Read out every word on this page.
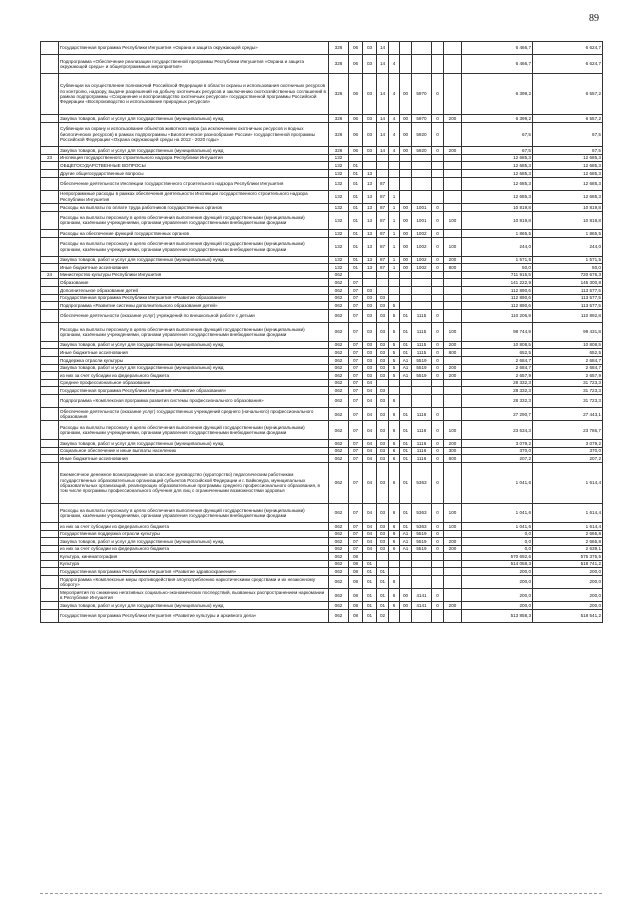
89
	Государственная программа Республики Ингушетия «Охрана и защита окружающей среды»	326	06	03	14						6 466,7	6 624,7
	Подпрограмма «Обеспечение реализации государственной программы Республики Ингушетия «Охрана и защита окружающей среды» и общепрограммные мероприятия»	326	06	03	14	4					6 466,7	6 624,7
	Субвенции на осуществление полномочий Российской Федерации в области охраны и использования охотничьих ресурсов по контролю, надзору, выдаче разрешений на добычу охотничьих ресурсов и заключению охотхозяйственных соглашений в рамках подпрограммы «Сохранение и воспроизводство охотничьих ресурсов» государственной программы Российской Федерации «Воспроизводство и использование природных ресурсов»	326	06	03	14	4	00	5970	0		6 399,2	6 557,2
	Закупка товаров, работ и услуг для государственных (муниципальных) нужд	326	06	03	14	4	00	5970	0	200	6 399,2	6 557,2
	Субвенции на охрану и использование объектов животного мира (за исключением охотничьих ресурсов и водных биологических ресурсов) в рамках подпрограммы «Биологическое разнообразие России» государственной программы Российской Федерации «Охрана окружающей среды на 2012 - 2020 годы»	326	06	03	14	4	00	5920	0		67,5	67,5
	Закупка товаров, работ и услуг для государственных (муниципальных) нужд	326	06	03	14	4	00	5920	0	200	67,5	67,5
23	Инспекция государственного строительного надзора Республики Ингушетия	132									12 685,3	12 685,3
	ОБЩЕГОСУДАРСТВЕННЫЕ ВОПРОСЫ	132	01								12 685,3	12 685,3
	Другие общегосударственные вопросы	132	01	13							12 685,3	12 685,3
	Обеспечение деятельности Инспекции государственного строительного надзора Республики Ингушетия	132	01	13	87						12 685,3	12 685,3
	Непрограммные расходы в рамках обеспечения деятельности Инспекции государственного строительного надзора Республики Ингушетия	132	01	13	87	1					12 685,3	12 685,3
	Расходы на выплаты по оплате труда работников государственных органов	132	01	13	87	1	00	1001	0		10 819,8	10 819,8
	Расходы на выплаты персоналу в целях обеспечения выполнения функций государственными (муниципальными) органами, казёнными учреждениями, органами управления государственными внебюджетными фондами	132	01	13	87	1	00	1001	0	100	10 819,8	10 819,8
	Расходы на обеспечение функций государственных органов	132	01	13	87	1	00	1002	0		1 865,5	1 865,5
	Расходы на выплаты персоналу в целях обеспечения выполнения функций государственными (муниципальными) органами, казёнными учреждениями, органами управления государственными внебюджетными фондами	132	01	13	87	1	00	1002	0	100	244,0	244,0
	Закупка товаров, работ и услуг для государственных (муниципальных) нужд	132	01	13	87	1	00	1002	0	200	1 571,5	1 571,5
	Иные бюджетные ассигнования	132	01	13	87	1	00	1002	0	800	50,0	50,0
24	Министерство культуры Республики Ингушетия	062									711 915,5	720 676,3
	Образование	062	07								141 222,9	145 300,8
	Дополнительное образование детей	062	07	03							112 890,6	113 577,5
	Государственная программа Республики Ингушетия «Развитие образования»	062	07	03	03						112 890,6	113 577,5
	Подпрограмма «Развитие системы дополнительного образования детей»	062	07	03	03	5					112 890,6	113 577,5
	Обеспечение деятельности (оказание услуг) учреждений по внешкольной работе с детьми	062	07	03	03	5	01	1115	0		110 206,9	110 892,8
	Расходы на выплаты персоналу в целях обеспечения выполнения функций государственными (муниципальными) органами, казёнными учреждениями, органами управления государственными внебюджетными фондами	062	07	03	03	5	01	1115	0	100	98 744,9	99 431,8
	Закупка товаров, работ и услуг для государственных (муниципальных) нужд	062	07	03	03	5	01	1115	0	200	10 808,5	10 808,5
	Иные бюджетные ассигнования	062	07	03	03	5	01	1115	0	800	652,5	652,5
	Поддержка отрасли культуры	062	07	03	03	5	A1	5519	0		2 684,7	2 684,7
	Закупка товаров, работ и услуг для государственных (муниципальных) нужд	062	07	03	03	5	A1	5519	0	200	2 684,7	2 684,7
	из них за счет субсидии из федерального бюджета	062	07	03	03	5	A1	5519	0	200	2 657,9	2 657,9
	Среднее профессиональное образование	062	07	04							28 332,3	31 723,3
	Государственная программа Республики Ингушетия «Развитие образования»	062	07	04	03						28 332,3	31 723,3
	Подпрограмма «Комплексная программа развития системы профессионального образования»	062	07	04	03	6					28 332,3	31 723,3
	Обеспечение деятельности (оказание услуг) государственных учреждений среднего (начального) профессионального образования	062	07	04	03	6	01	1116	0		27 290,7	27 443,1
	Расходы на выплаты персоналу в целях обеспечения выполнения функций государственными (муниципальными) органами, казёнными учреждениями, органами управления государственными внебюджетными фондами	062	07	04	03	6	01	1116	0	100	23 634,3	23 786,7
	Закупка товаров, работ и услуг для государственных (муниципальных) нужд	062	07	04	03	6	01	1116	0	200	3 079,2	3 079,2
	Социальное обеспечение и иные выплаты населению	062	07	04	03	6	01	1116	0	300	370,0	370,0
	Иные бюджетные ассигнования	062	07	04	03	6	01	1116	0	800	207,2	207,2
	Ежемесячное денежное вознаграждение за классное руководство (кураторство) педагогическим работникам государственных образовательных организаций субъектов Российской Федерации и г. Байконура, муниципальных образовательных организаций, реализующих образовательные программы среднего профессионального образования, в том числе программы профессионального обучения для лиц с ограниченными возможностями здоровья	062	07	04	03	6	01	5363	0		1 041,6	1 614,4
	Расходы на выплаты персоналу в целях обеспечения выполнения функций государственными (муниципальными) органами, казёнными учреждениями, органами управления государственными внебюджетными фондами	062	07	04	03	6	01	5363	0	100	1 041,6	1 614,4
	из них за счет субсидии из федерального бюджета	062	07	04	03	6	01	5363	0	100	1 041,6	1 614,4
	Государственная поддержка отрасли культуры	062	07	04	03	6	A1	5519	0		0,0	2 665,8
	Закупка товаров, работ и услуг для государственных (муниципальных) нужд	062	07	04	03	6	A1	5519	0	200	0,0	2 665,8
	из них за счет субсидии из федерального бюджета	062	07	04	03	6	A1	5519	0	200	0,0	2 639,1
	Культура, кинематография	062	08								570 692,6	575 375,5
	Культура	062	08	01							514 058,3	518 741,2
	Государственная программа Республики Ингушетия «Развитие здравоохранения»	062	08	01	01						200,0	200,0
	Подпрограмма «Комплексные меры противодействия злоупотреблению наркотическими средствами и их незаконному обороту»	062	08	01	01	6					200,0	200,0
	Мероприятия по снижению негативных социально-экономических последствий, вызванных распространением наркомании в Республике Ингушетия	062	08	01	01	6	00	4141	0		200,0	200,0
	Закупка товаров, работ и услуг для государственных (муниципальных) нужд	062	08	01	01	6	00	4141	0	200	200,0	200,0
	Государственная программа Республики Ингушетия «Развитие культуры и архивного дела»	062	08	01	02						513 858,3	518 541,2
